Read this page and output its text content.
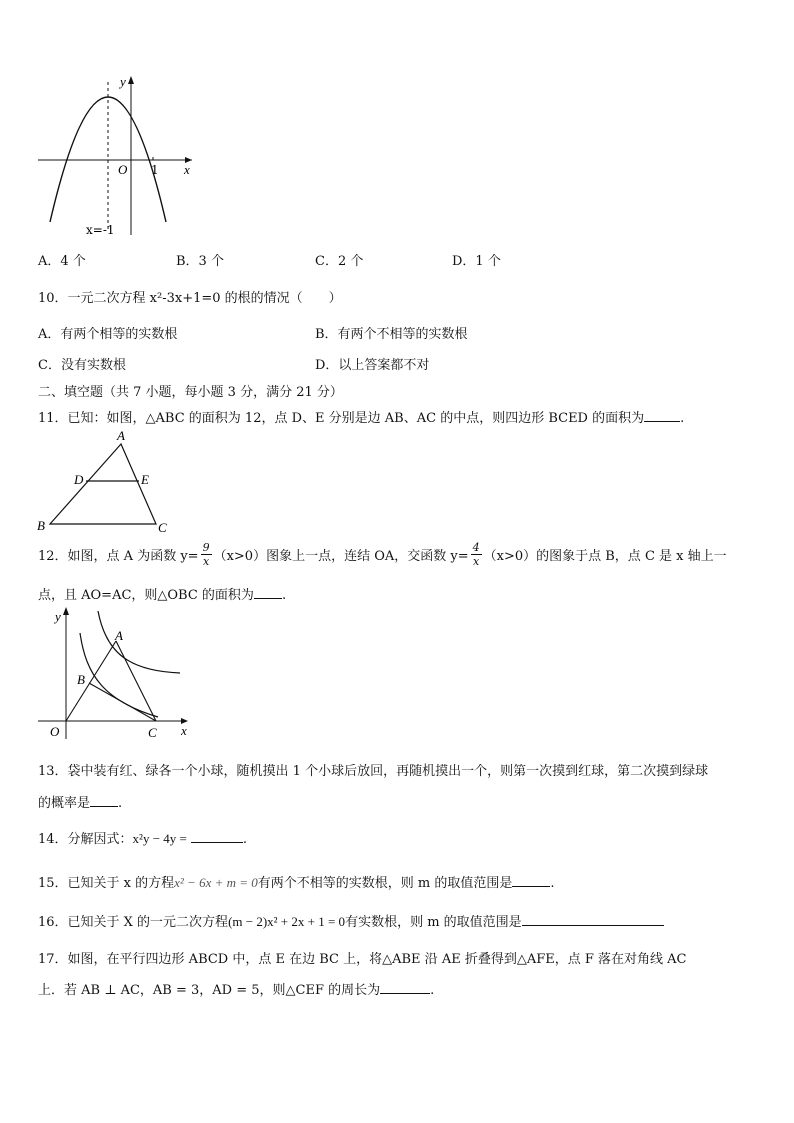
y
O 1 x
x=-1
A．4 个	B．3 个	C．2 个	D．1 个
10．一元二次方程 x²-3x+1=0 的根的情况（　　）
A．有两个相等的实数根	B．有两个不相等的实数根
C．没有实数根	D．以上答案都不对
二、填空题（共 7 小题，每小题 3 分，满分 21 分）
11．已知：如图，△ABC 的面积为 12，点 D、E 分别是边 AB、AC 的中点，则四边形 BCED 的面积为	.
A
D	E
B	C
12．如图，点 A 为函数 $y= \frac{9}{x} (x>0)$图象上一点，连结 OA，交函数 $y= \frac{4}{x} (x>0)$的图象于点 B，点 C 是 x 轴上一
点，且 AO=AC，则△OBC 的面积为 .
y
A
B
O	C x
13．袋中装有红、绿各一个小球，随机摸出 1 个小球后放回，再随机摸出一个，则第一次摸到红球，第二次摸到绿球
的概率是 .
14．分解因式：x²y − 4y =	.
15．已知关于 x 的方程x² − 6x + m = 0有两个不相等的实数根，则 m 的取值范围是	.
16．已知关于 X 的一元二次方程(m − 2)x² + 2x + 1 = 0有实数根，则 m 的取值范围是
17．如图，在平行四边形 ABCD 中，点 E 在边 BC 上，将△ABE 沿 AE 折叠得到△AFE，点 F 落在对角线 AC
上．若 AB ⊥ AC，AB = 3，AD = 5，则△CEF 的周长为	.
